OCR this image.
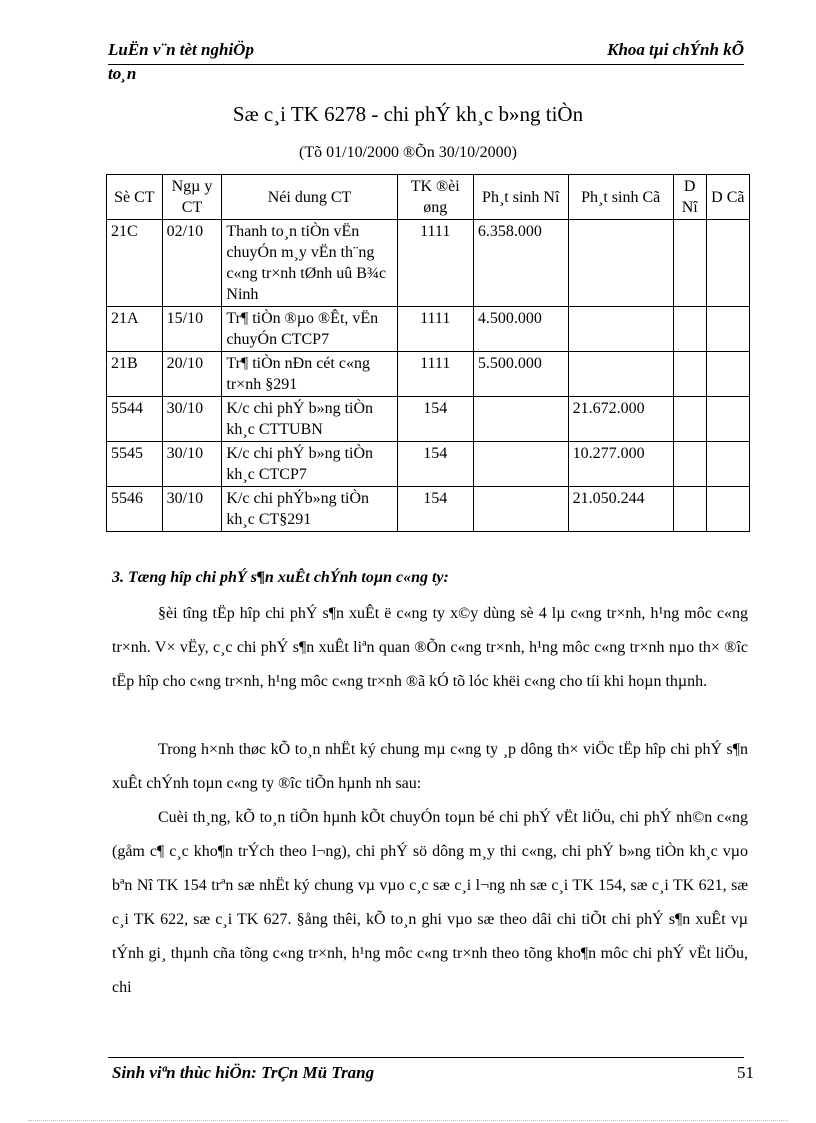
LuËn v¨n tèt nghiÖp	Khoa tµi chÝnh kÕ
to¸n
Sæ c¸i TK 6278 - chi phÝ kh¸c b»ng tiÒn
(Tõ 01/10/2000 ®Õn 30/10/2000)
Sè CT	Ngµ y CT	Néi dung CT	TK ®èi øng	Ph¸t sinh Nî	Ph¸t sinh Cã	D Nî	D Cã
21C	02/10	Thanh to¸n tiÒn vËn chuyÓn m¸y vËn th¨ng c«ng tr×nh tØnh uû B¾c Ninh	1111	6.358.000			
21A	15/10	Tr¶ tiÒn ®µo ®Êt, vËn chuyÓn CTCP7	1111	4.500.000			
21B	20/10	Tr¶ tiÒn nÐn cét c«ng tr×nh §291	1111	5.500.000			
5544	30/10	K/c chi phÝ b»ng tiÒn kh¸c CTTUBN	154		21.672.000		
5545	30/10	K/c chi phÝ b»ng tiÒn kh¸c CTCP7	154		10.277.000		
5546	30/10	K/c chi phÝb»ng tiÒn kh¸c CT§291	154		21.050.244		
3. Tæng hîp chi phÝ s¶n xuÊt chÝnh toµn c«ng ty:

§èi tîng tËp hîp chi phÝ s¶n xuÊt ë c«ng ty x©y dùng sè 4 lµ c«ng tr×nh, h¹ng môc c«ng tr×nh. V× vËy, c¸c chi phÝ s¶n xuÊt liªn quan ®Õn c«ng tr×nh, h¹ng môc c«ng tr×nh nµo th× ®îc tËp hîp cho c«ng tr×nh, h¹ng môc c«ng tr×nh ®ã kÓ tõ lóc khëi c«ng cho tíi khi hoµn thµnh.

Trong h×nh thøc kÕ to¸n nhËt ký chung mµ c«ng ty ¸p dông th× viÖc tËp hîp chi phÝ s¶n xuÊt chÝnh toµn c«ng ty ®îc tiÕn hµnh nh sau:

Cuèi th¸ng, kÕ to¸n tiÕn hµnh kÕt chuyÓn toµn bé chi phÝ vËt liÖu, chi phÝ nh©n c«ng (gåm c¶ c¸c kho¶n trÝch theo l¬ng), chi phÝ sö dông m¸y thi c«ng, chi phÝ b»ng tiÒn kh¸c vµo bªn Nî TK 154 trªn sæ nhËt ký chung vµ vµo c¸c sæ c¸i l¬ng nh sæ c¸i TK 154, sæ c¸i TK 621, sæ c¸i TK 622, sæ c¸i TK 627. §ång thêi, kÕ to¸n ghi vµo sæ theo dâi chi tiÕt chi phÝ s¶n xuÊt vµ tÝnh gi¸ thµnh cña tõng c«ng tr×nh, h¹ng môc c«ng tr×nh theo tõng kho¶n môc chi phÝ vËt liÖu, chi

Sinh viªn thùc hiÖn: TrÇn Mü Trang	51
